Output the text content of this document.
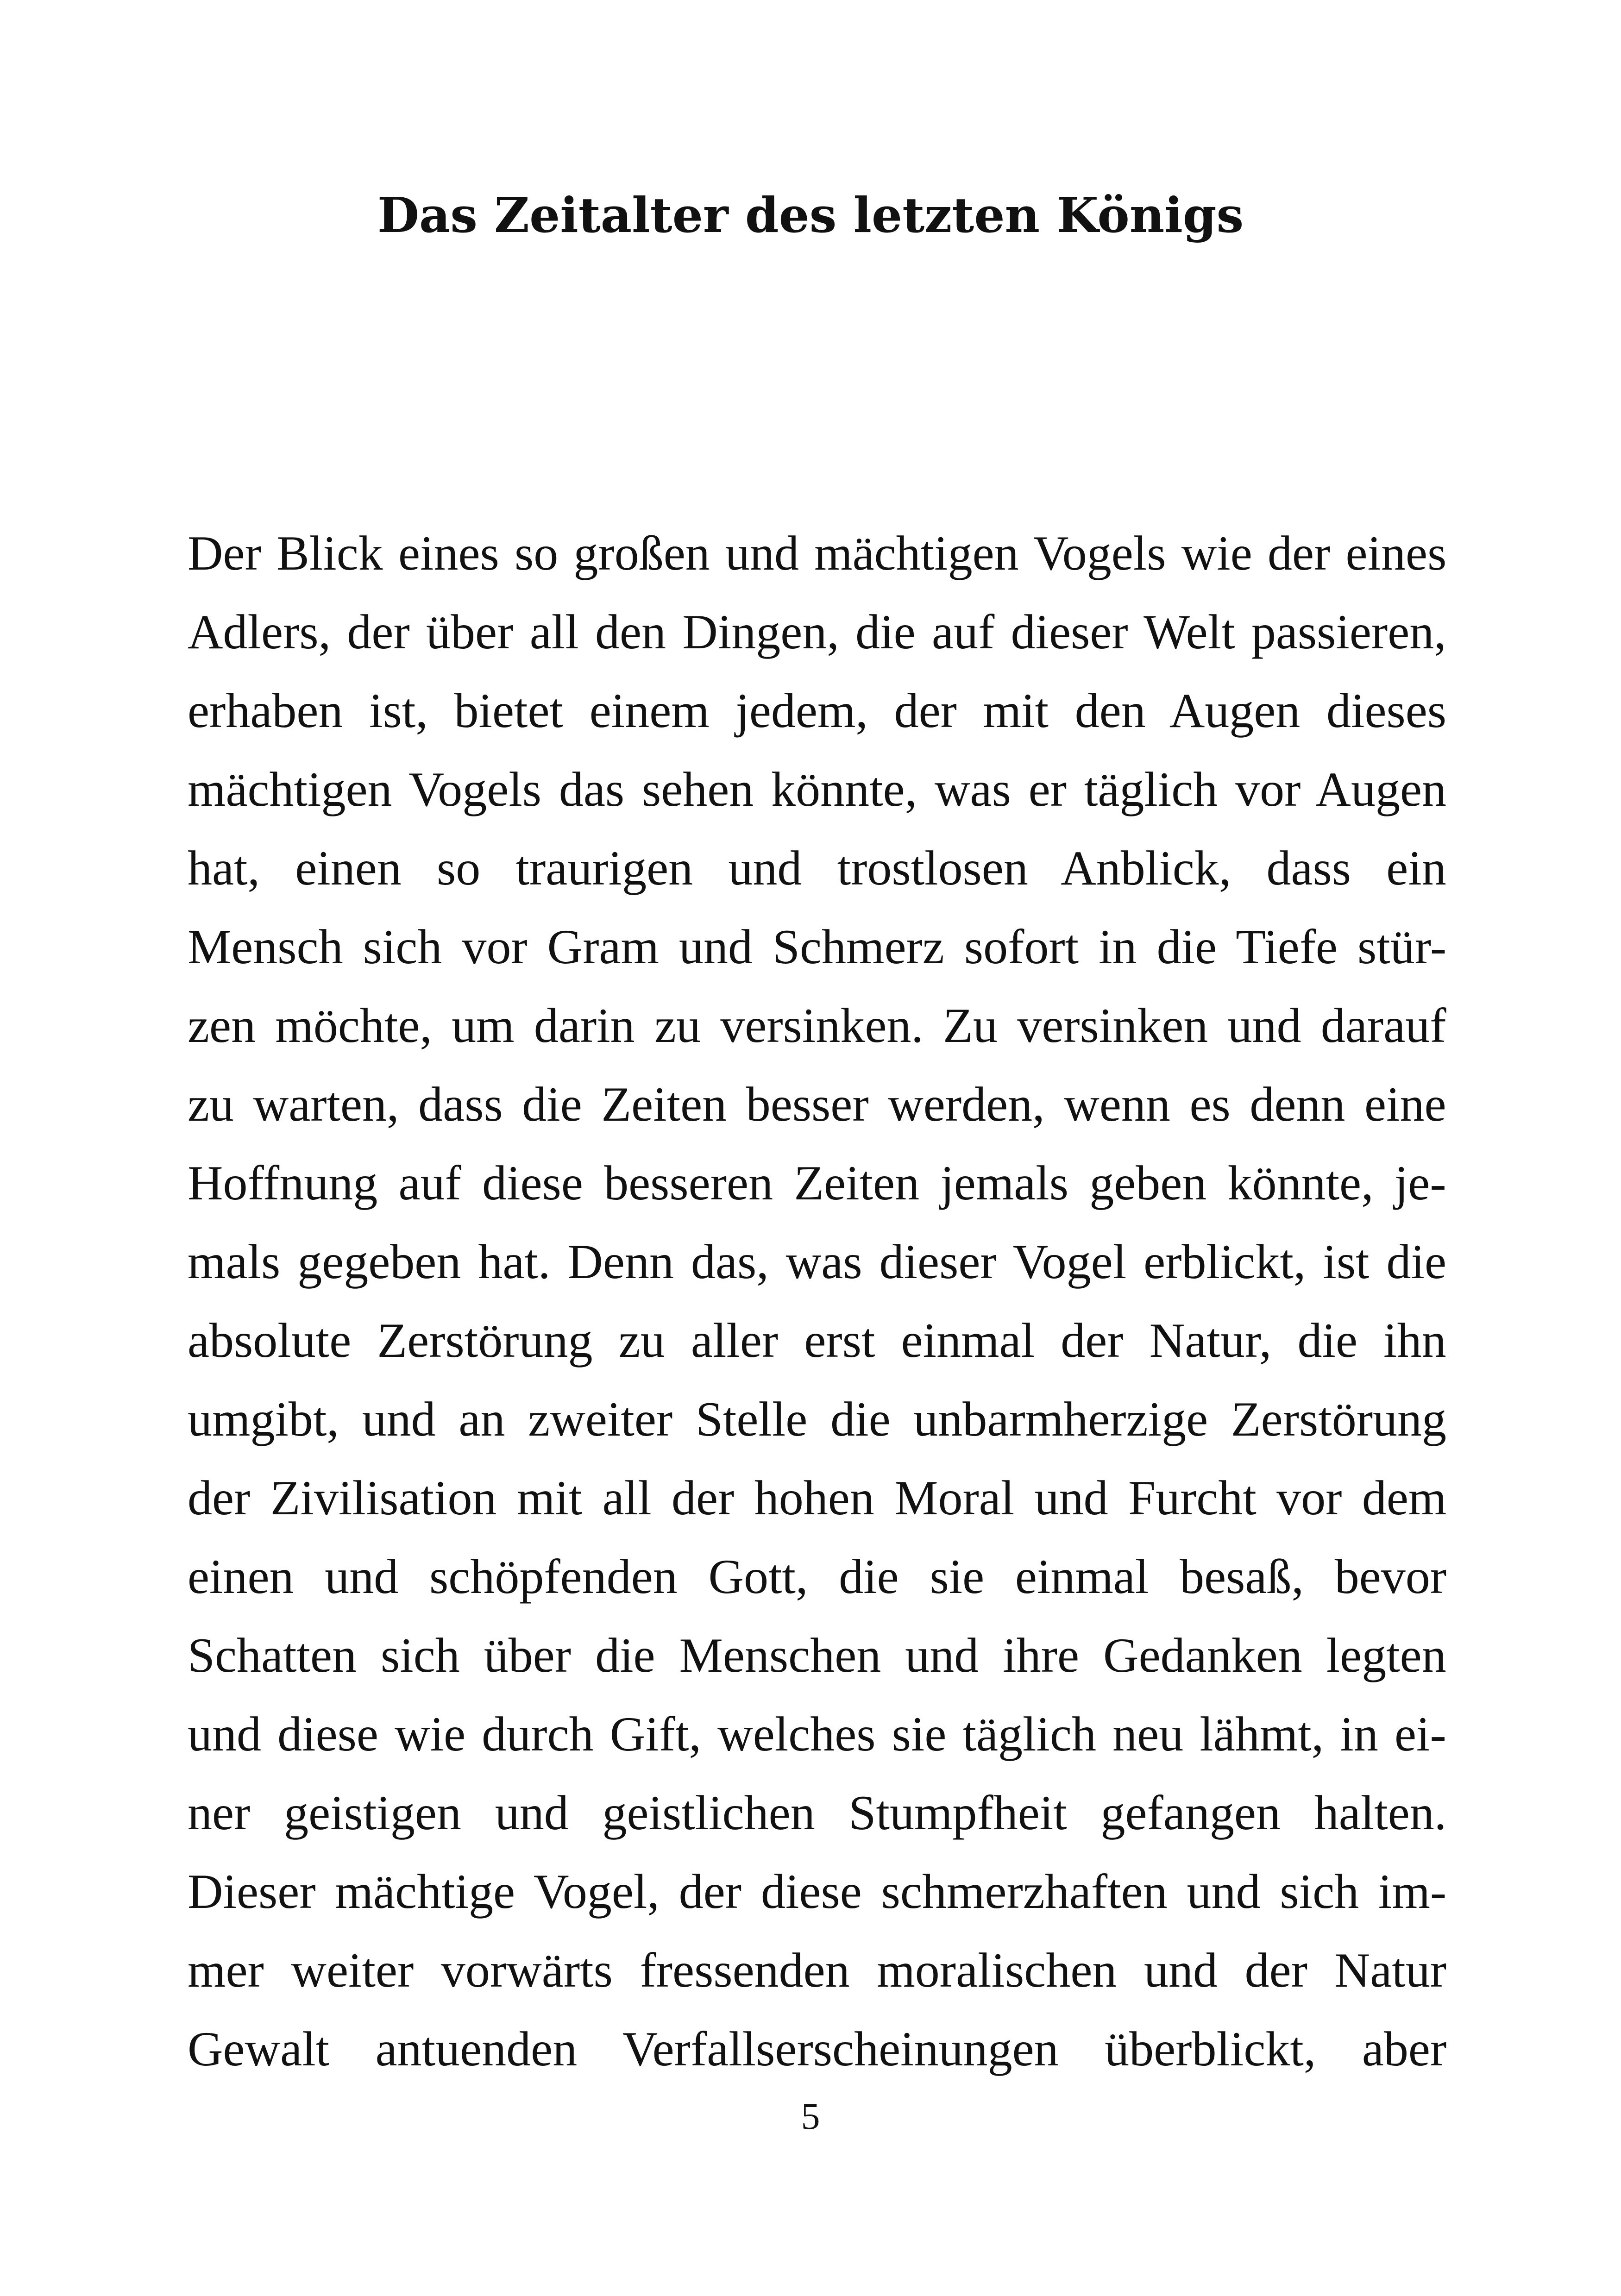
Das Zeitalter des letzten Königs
Der Blick eines so großen und mächtigen Vogels wie der eines
Adlers, der über all den Dingen, die auf dieser Welt passieren,
erhaben ist, bietet einem jedem, der mit den Augen dieses
mächtigen Vogels das sehen könnte, was er täglich vor Augen
hat, einen so traurigen und trostlosen Anblick, dass ein
Mensch sich vor Gram und Schmerz sofort in die Tiefe stür-
zen möchte, um darin zu versinken. Zu versinken und darauf
zu warten, dass die Zeiten besser werden, wenn es denn eine
Hoffnung auf diese besseren Zeiten jemals geben könnte, je-
mals gegeben hat. Denn das, was dieser Vogel erblickt, ist die
absolute Zerstörung zu aller erst einmal der Natur, die ihn
umgibt, und an zweiter Stelle die unbarmherzige Zerstörung
der Zivilisation mit all der hohen Moral und Furcht vor dem
einen und schöpfenden Gott, die sie einmal besaß, bevor
Schatten sich über die Menschen und ihre Gedanken legten
und diese wie durch Gift, welches sie täglich neu lähmt, in ei-
ner geistigen und geistlichen Stumpfheit gefangen halten.
Dieser mächtige Vogel, der diese schmerzhaften und sich im-
mer weiter vorwärts fressenden moralischen und der Natur
Gewalt antuenden Verfallserscheinungen überblickt, aber
5
